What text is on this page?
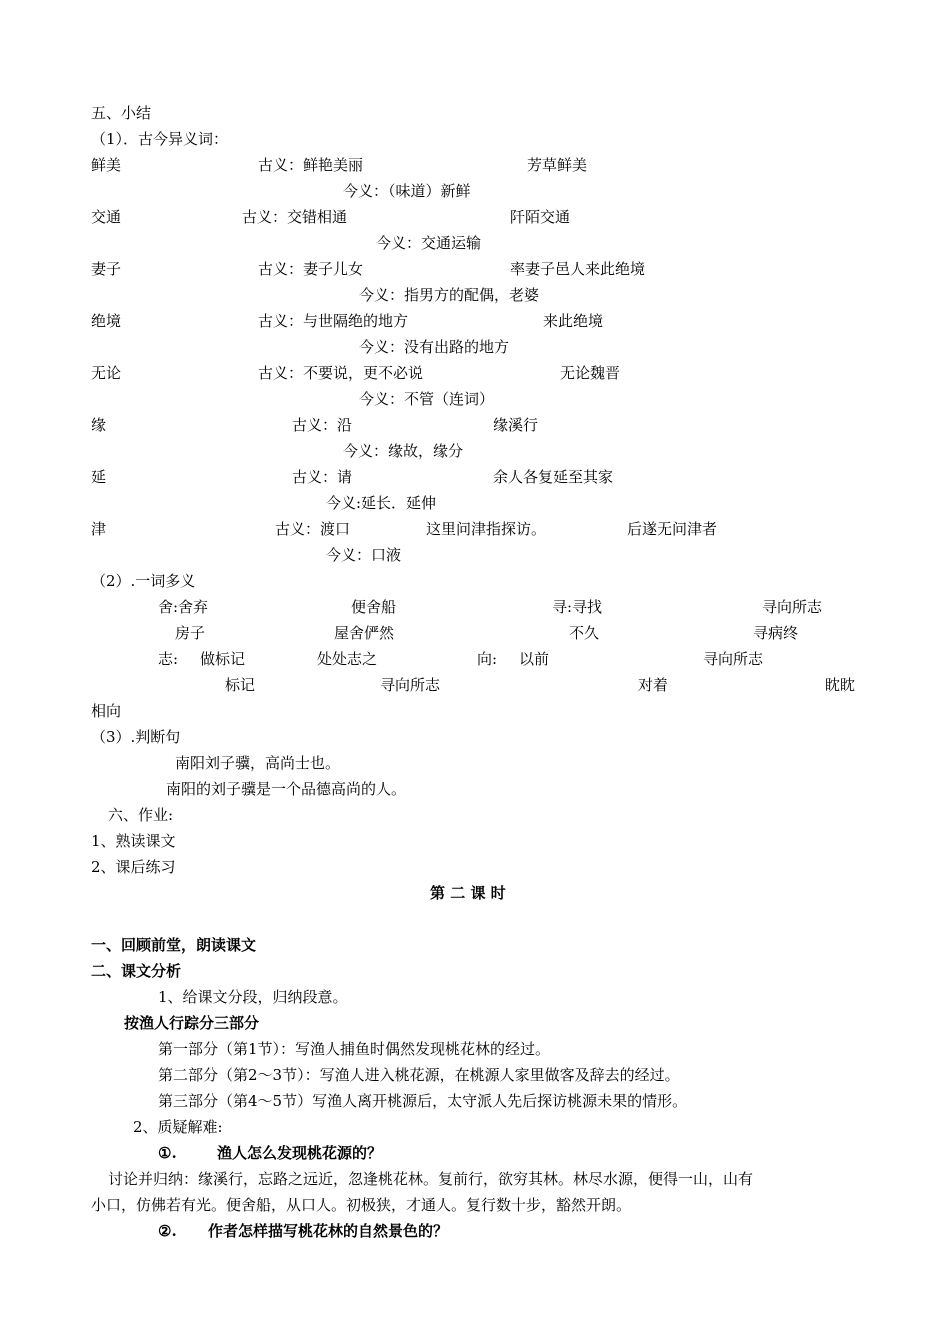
五、小结
（1）．古今异义词：
鲜美	古义：鲜艳美丽	芳草鲜美
今义：（味道）新鲜
交通	古义：交错相通	阡陌交通
今义：交通运输
妻子	古义：妻子儿女	率妻子邑人来此绝境
今义：指男方的配偶，老婆
绝境	古义：与世隔绝的地方	来此绝境
今义：没有出路的地方
无论	古义：不要说，更不必说	无论魏晋
今义：不管（连词）
缘	古义：沿	缘溪行
今义：缘故，缘分
延	古义：请	余人各复延至其家
今义:延长．延伸
津	古义：渡口	这里问津指探访。	后遂无问津者
今义：口液
（2）.一词多义
舍:舍弃	便舍船	寻:寻找	寻向所志
房子	屋舍俨然	不久	寻病终
志: 做标记	处处志之	向: 以前	寻向所志
标记	寻向所志	对着	眈眈
相向
（3）.判断句
南阳刘子骥，高尚士也。
南阳的刘子骥是一个品德高尚的人。
六、作业:
1、熟读课文
2、课后练习
第 二 课 时
一、回顾前堂，朗读课文
二、课文分析
1、给课文分段，归纳段意。
按渔人行踪分三部分
第一部分（第1节）：写渔人捕鱼时偶然发现桃花林的经过。
第二部分（第2～3节）：写渔人进入桃花源，在桃源人家里做客及辞去的经过。
第三部分（第4～5节）写渔人离开桃源后，太守派人先后探访桃源未果的情形。
2、质疑解难:
①.	渔人怎么发现桃花源的？
讨论并归纳：缘溪行，忘路之远近，忽逢桃花林。复前行，欲穷其林。林尽水源，便得一山，山有
小口，仿佛若有光。便舍船，从口人。初极狭，才通人。复行数十步，豁然开朗。
②. 作者怎样描写桃花林的自然景色的？
